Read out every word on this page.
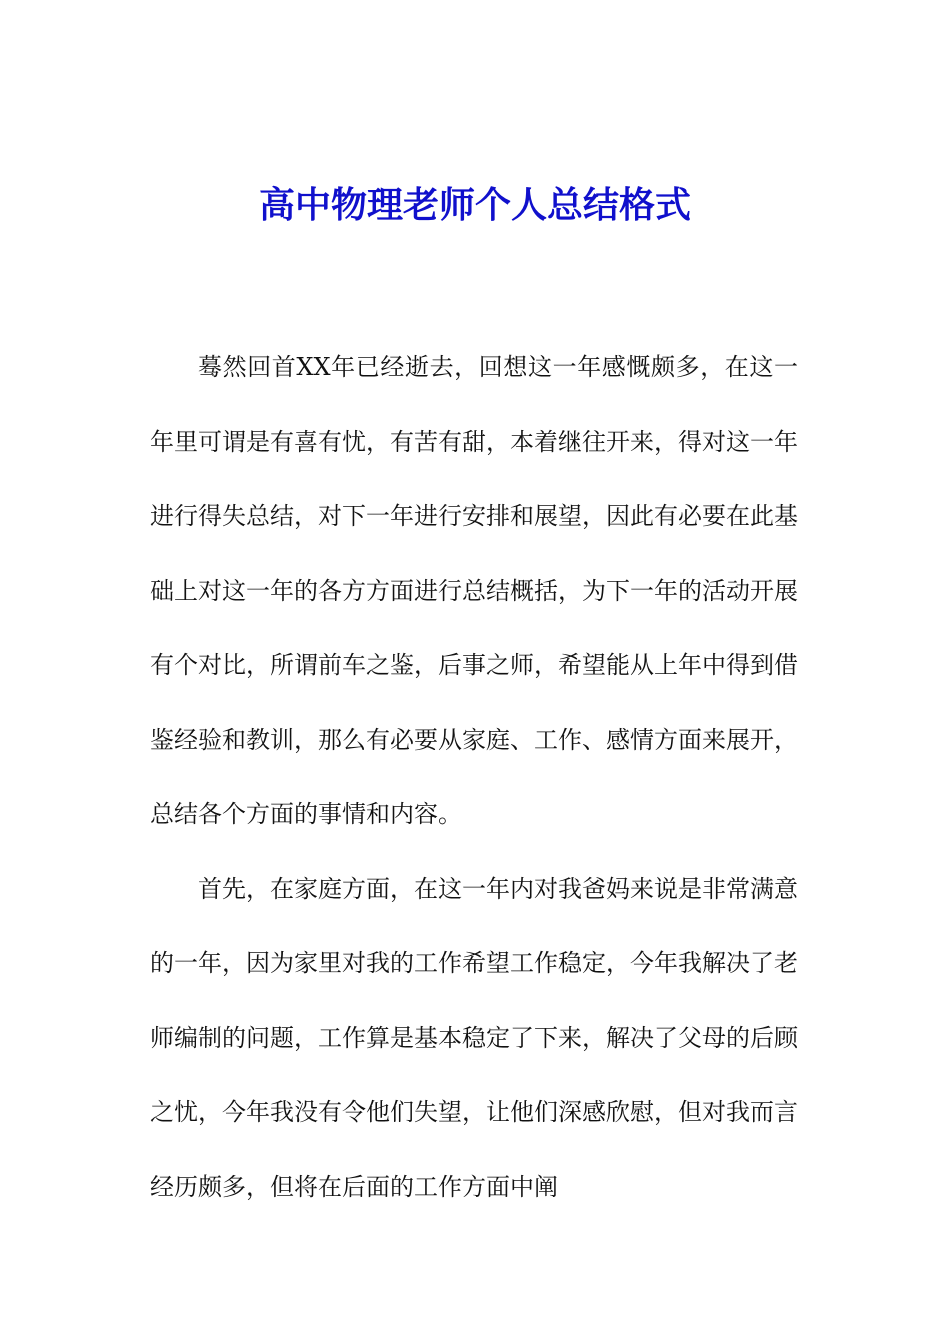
高中物理老师个人总结格式

蓦然回首XX年已经逝去，回想这一年感慨颇多，在这一年里可谓是有喜有忧，有苦有甜，本着继往开来，得对这一年进行得失总结，对下一年进行安排和展望，因此有必要在此基础上对这一年的各方方面进行总结概括，为下一年的活动开展有个对比，所谓前车之鉴，后事之师，希望能从上年中得到借鉴经验和教训，那么有必要从家庭、工作、感情方面来展开，总结各个方面的事情和内容。

首先，在家庭方面，在这一年内对我爸妈来说是非常满意的一年，因为家里对我的工作希望工作稳定，今年我解决了老师编制的问题，工作算是基本稳定了下来，解决了父母的后顾之忧，今年我没有令他们失望，让他们深感欣慰，但对我而言经历颇多，但将在后面的工作方面中阐
